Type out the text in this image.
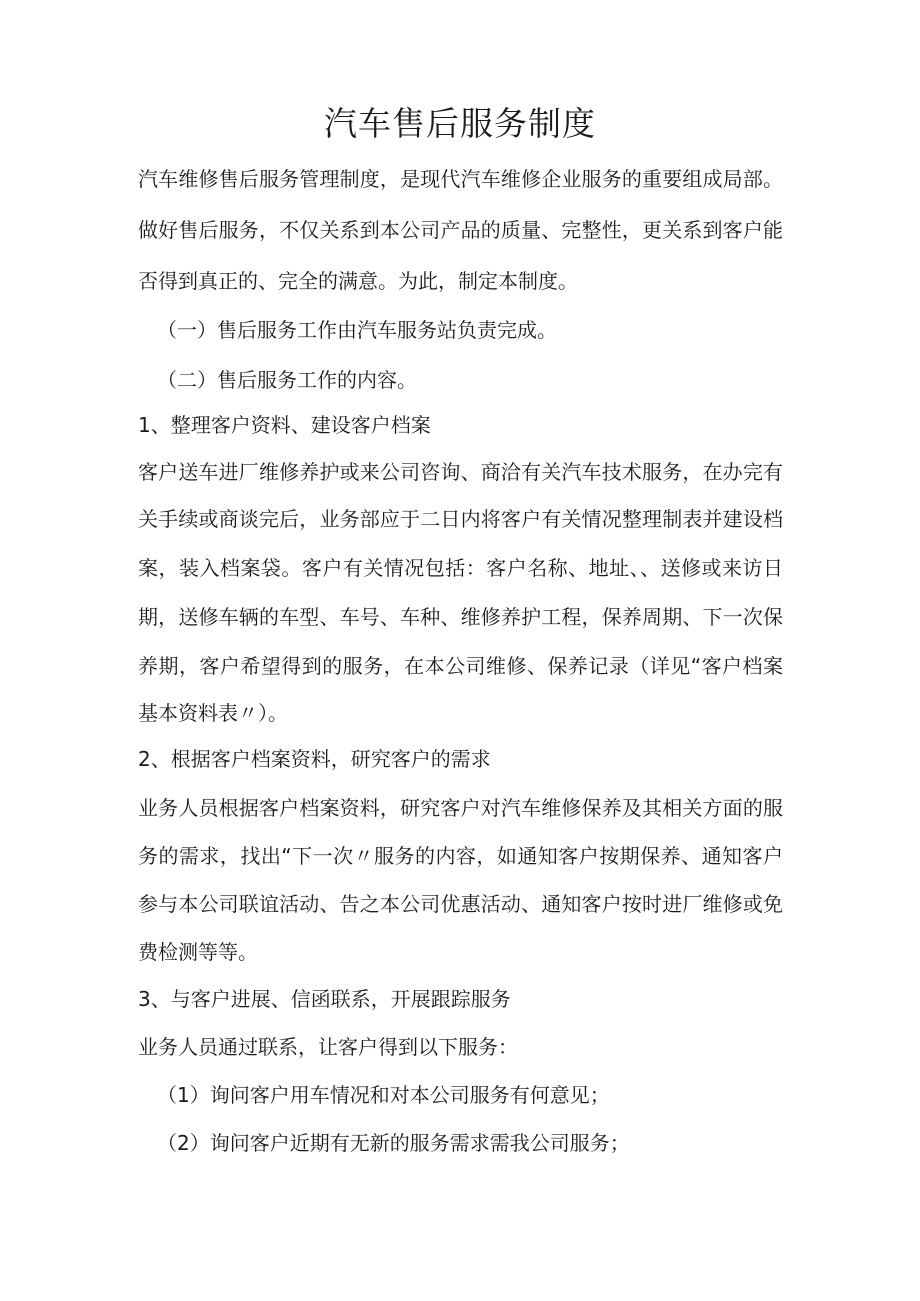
汽车售后服务制度

汽车维修售后服务管理制度，是现代汽车维修企业服务的重要组成局部。

做好售后服务，不仅关系到本公司产品的质量、完整性，更关系到客户能

否得到真正的、完全的满意。为此，制定本制度。

（一）售后服务工作由汽车服务站负责完成。

（二）售后服务工作的内容。

1、整理客户资料、建设客户档案

客户送车进厂维修养护或来公司咨询、商洽有关汽车技术服务，在办完有

关手续或商谈完后，业务部应于二日内将客户有关情况整理制表并建设档

案，装入档案袋。客户有关情况包括：客户名称、地址、、送修或来访日

期，送修车辆的车型、车号、车种、维修养护工程，保养周期、下一次保

养期，客户希望得到的服务，在本公司维修、保养记录（详见“客户档案

基本资料表〃）。

2、根据客户档案资料，研究客户的需求

业务人员根据客户档案资料，研究客户对汽车维修保养及其相关方面的服

务的需求，找出“下一次〃服务的内容，如通知客户按期保养、通知客户

参与本公司联谊活动、告之本公司优惠活动、通知客户按时进厂维修或免

费检测等等。

3、与客户进展、信函联系，开展跟踪服务

业务人员通过联系，让客户得到以下服务：

（1）询问客户用车情况和对本公司服务有何意见；

（2）询问客户近期有无新的服务需求需我公司服务；
